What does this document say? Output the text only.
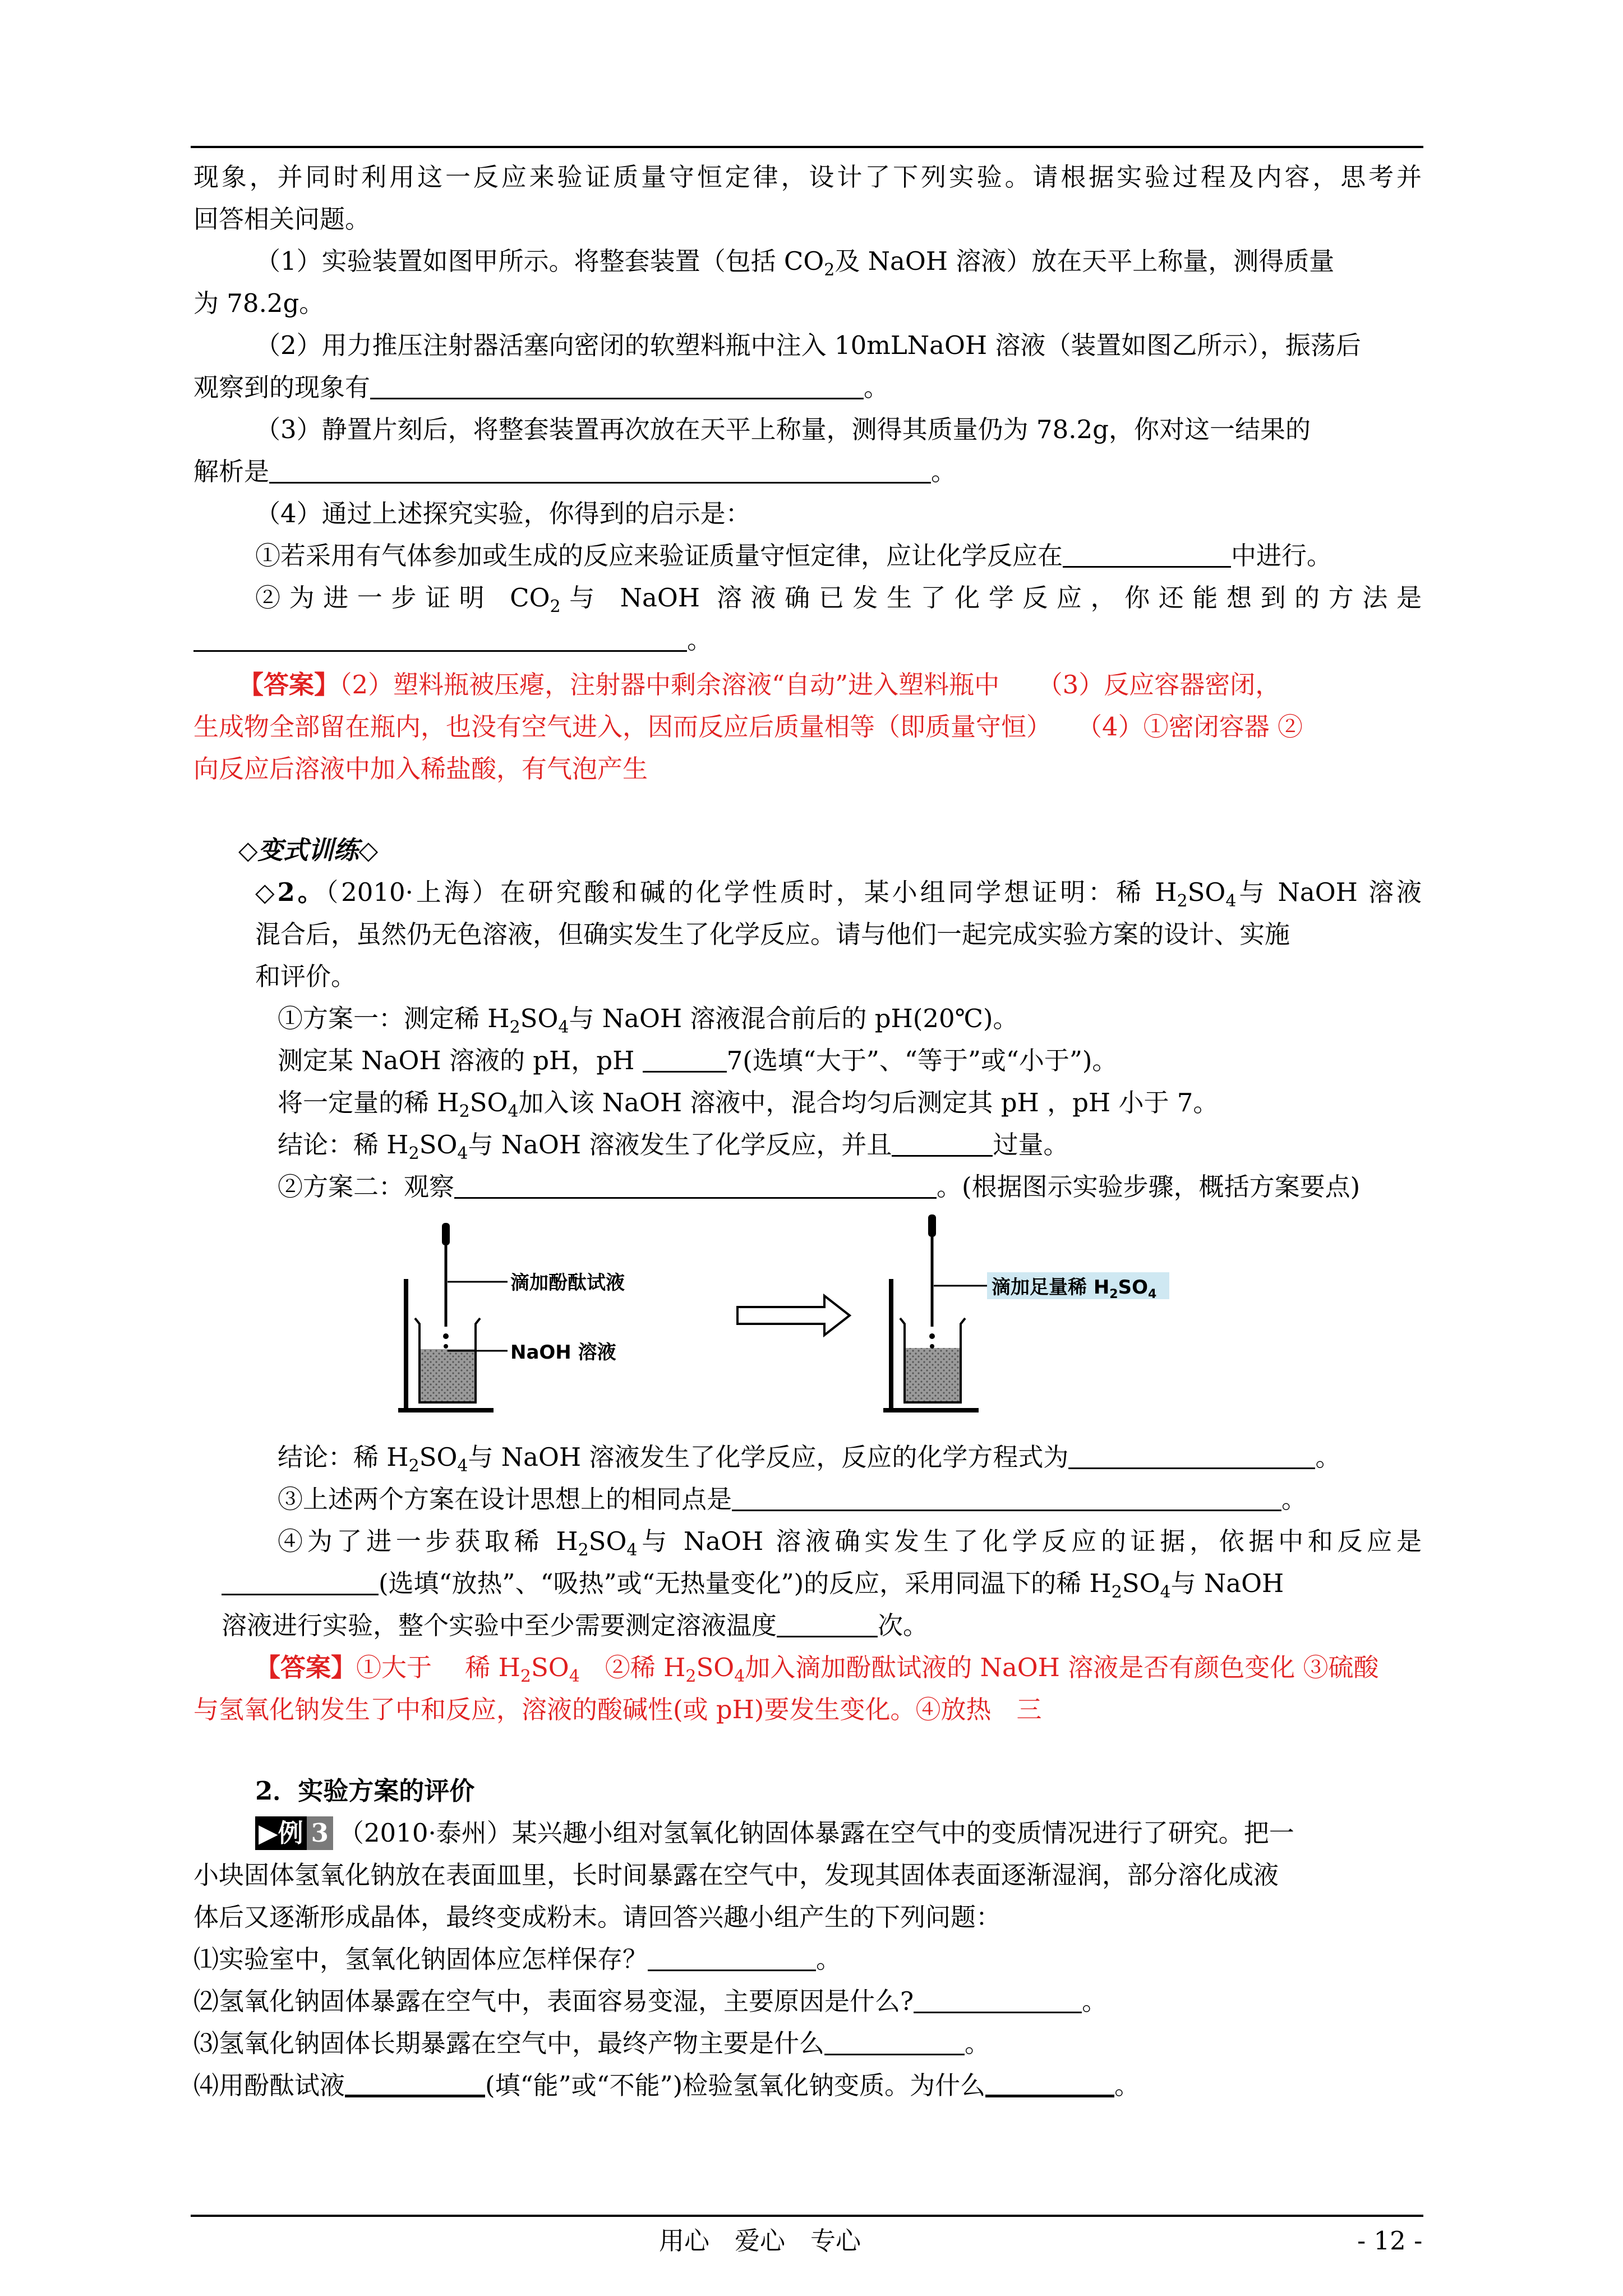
现象，并同时利用这一反应来验证质量守恒定律，设计了下列实验。请根据实验过程及内容，思考并
回答相关问题。
（1）实验装置如图甲所示。将整套装置（包括 $CO_2$及 NaOH 溶液）放在天平上称量，测得质量
为 78.2g。
（2）用力推压注射器活塞向密闭的软塑料瓶中注入 10mLNaOH 溶液（装置如图乙所示），振荡后
观察到的现象有	。
（3）静置片刻后，将整套装置再次放在天平上称量，测得其质量仍为 78.2g，你对这一结果的
解析是	。
（4）通过上述探究实验，你得到的启示是：
①若采用有气体参加或生成的反应来验证质量守恒定律，应让化学反应在	中进行。
②为进一步证明 $CO_2$与 NaOH 溶液确已发生了化学反应，你还能想到的方法是
。
【答案】（2）塑料瓶被压瘪，注射器中剩余溶液“自动”进入塑料瓶中　　（3）反应容器密闭，
生成物全部留在瓶内，也没有空气进入，因而反应后质量相等（即质量守恒）　　（4）①密闭容器 ②
向反应后溶液中加入稀盐酸，有气泡产生
◇变式训练◇
◇2。（2010·上海）在研究酸和碱的化学性质时，某小组同学想证明：稀 $H_2SO_4$与 NaOH 溶液
混合后，虽然仍无色溶液，但确实发生了化学反应。请与他们一起完成实验方案的设计、实施
和评价。
①方案一：测定稀 $H_2SO_4$与 NaOH 溶液混合前后的 pH(20℃)。
测定某 NaOH 溶液的 pH，pH	7(选填“大于”、“等于”或“小于”)。
将一定量的稀 $H_2SO_4$加入该 NaOH 溶液中，混合均匀后测定其 pH ，pH 小于 7。
结论：稀 $H_2SO_4$与 NaOH 溶液发生了化学反应，并且	过量。
②方案二：观察	。(根据图示实验步骤，概括方案要点)
滴加酚酞试液
NaOH 溶液
滴加足量稀 $H_2SO_4$
结论：稀 $H_2SO_4$与 NaOH 溶液发生了化学反应，反应的化学方程式为	。
③上述两个方案在设计思想上的相同点是	。
④为了进一步获取稀 $H_2SO_4$与 NaOH 溶液确实发生了化学反应的证据，依据中和反应是
(选填“放热”、“吸热”或“无热量变化”)的反应，采用同温下的稀 $H_2SO_4$与 NaOH
溶液进行实验，整个实验中至少需要测定溶液温度	次。
【答案】①大于　 稀 $H_2SO_4$　②稀 $H_2SO_4$加入滴加酚酞试液的 NaOH 溶液是否有颜色变化 ③硫酸
与氢氧化钠发生了中和反应，溶液的酸碱性(或 pH)要发生变化。④放热　三
2．实验方案的评价
▶例 3 （2010·泰州）某兴趣小组对氢氧化钠固体暴露在空气中的变质情况进行了研究。把一
小块固体氢氧化钠放在表面皿里，长时间暴露在空气中，发现其固体表面逐渐湿润，部分溶化成液
体后又逐渐形成晶体，最终变成粉末。请回答兴趣小组产生的下列问题：
⑴实验室中，氢氧化钠固体应怎样保存？	。
⑵氢氧化钠固体暴露在空气中，表面容易变湿，主要原因是什么?	。
⑶氢氧化钠固体长期暴露在空气中，最终产物主要是什么	。
⑷用酚酞试液	(填“能”或“不能”)检验氢氧化钠变质。为什么	。
用心　爱心　专心	- 12 -
